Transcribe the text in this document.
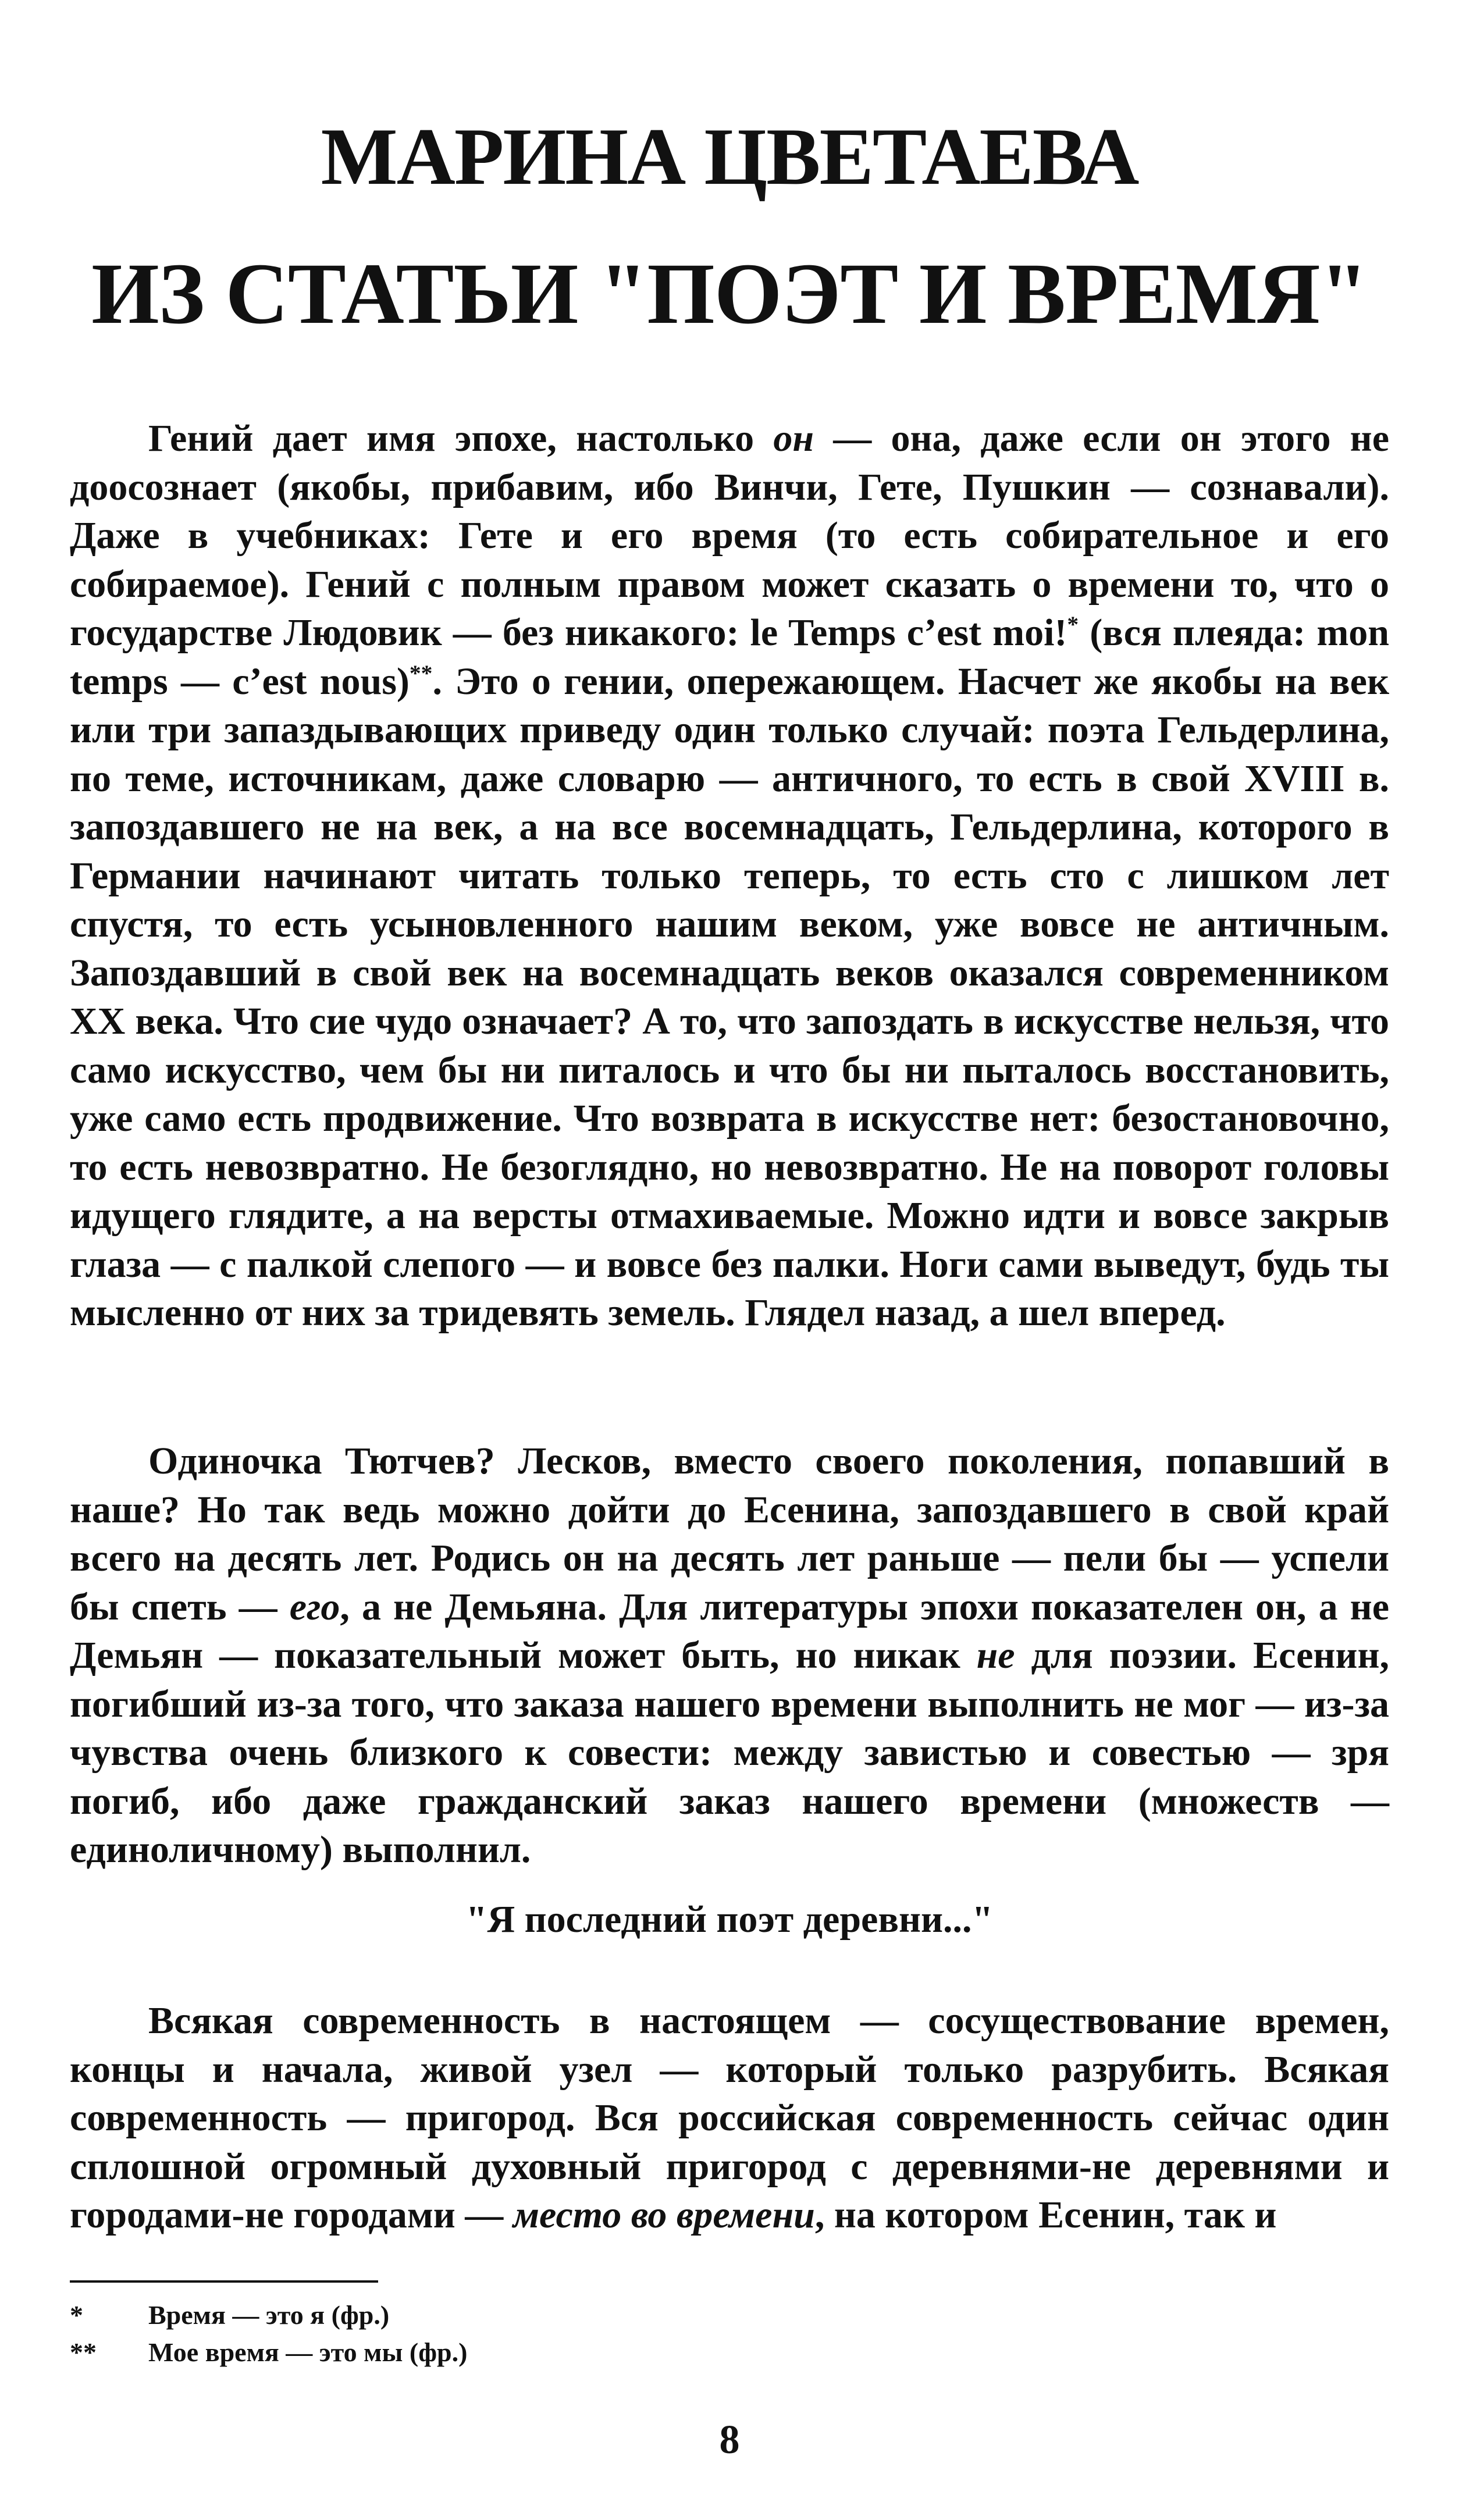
МАРИНА ЦВЕТАЕВА
ИЗ СТАТЬИ "ПОЭТ И ВРЕМЯ"

Гений дает имя эпохе, настолько он — она, даже если он этого не доосознает (якобы, прибавим, ибо Винчи, Гете, Пушкин — сознавали). Даже в учебниках: Гете и его время (то есть собирательное и его собираемое). Гений с полным правом может сказать о времени то, что о государстве Людовик — без никакого: le Temps c’est moi!* (вся плеяда: mon temps — c’est nous)**. Это о гении, опережающем. Насчет же якобы на век или три запаздывающих приведу один только случай: поэта Гельдерлина, по теме, источникам, даже словарю — античного, то есть в свой XVIII в. запоздавшего не на век, а на все восемнадцать, Гельдерлина, которого в Германии начинают читать только теперь, то есть сто с лишком лет спустя, то есть усыновленного нашим веком, уже вовсе не античным. Запоздавший в свой век на восемнадцать веков оказался современником XX века. Что сие чудо означает? А то, что запоздать в искусстве нельзя, что само искусство, чем бы ни питалось и что бы ни пыталось восстановить, уже само есть продвижение. Что возврата в искусстве нет: безостановочно, то есть невозвратно. Не безоглядно, но невозвратно. Не на поворот головы идущего глядите, а на версты отмахиваемые. Можно идти и вовсе закрыв глаза — с палкой слепого — и вовсе без палки. Ноги сами выведут, будь ты мысленно от них за тридевять земель. Глядел назад, а шел вперед.

Одиночка Тютчев? Лесков, вместо своего поколения, попавший в наше? Но так ведь можно дойти до Есенина, запоздавшего в свой край всего на десять лет. Родись он на десять лет раньше — пели бы — успели бы спеть — его, а не Демьяна. Для литературы эпохи показателен он, а не Демьян — показательный может быть, но никак не для поэзии. Есенин, погибший из-за того, что заказа нашего времени выполнить не мог — из-за чувства очень близкого к совести: между завистью и совестью — зря погиб, ибо даже гражданский заказ нашего времени (множеств — единоличному) выполнил.

"Я последний поэт деревни..."

Всякая современность в настоящем — сосуществование времен, концы и начала, живой узел — который только разрубить. Всякая современность — пригород. Вся российская современность сейчас один сплошной огромный духовный пригород с деревнями-не деревнями и городами-не городами — место во времени, на котором Есенин, так и

*	Время — это я (фр.)
**	Мое время — это мы (фр.)
8
